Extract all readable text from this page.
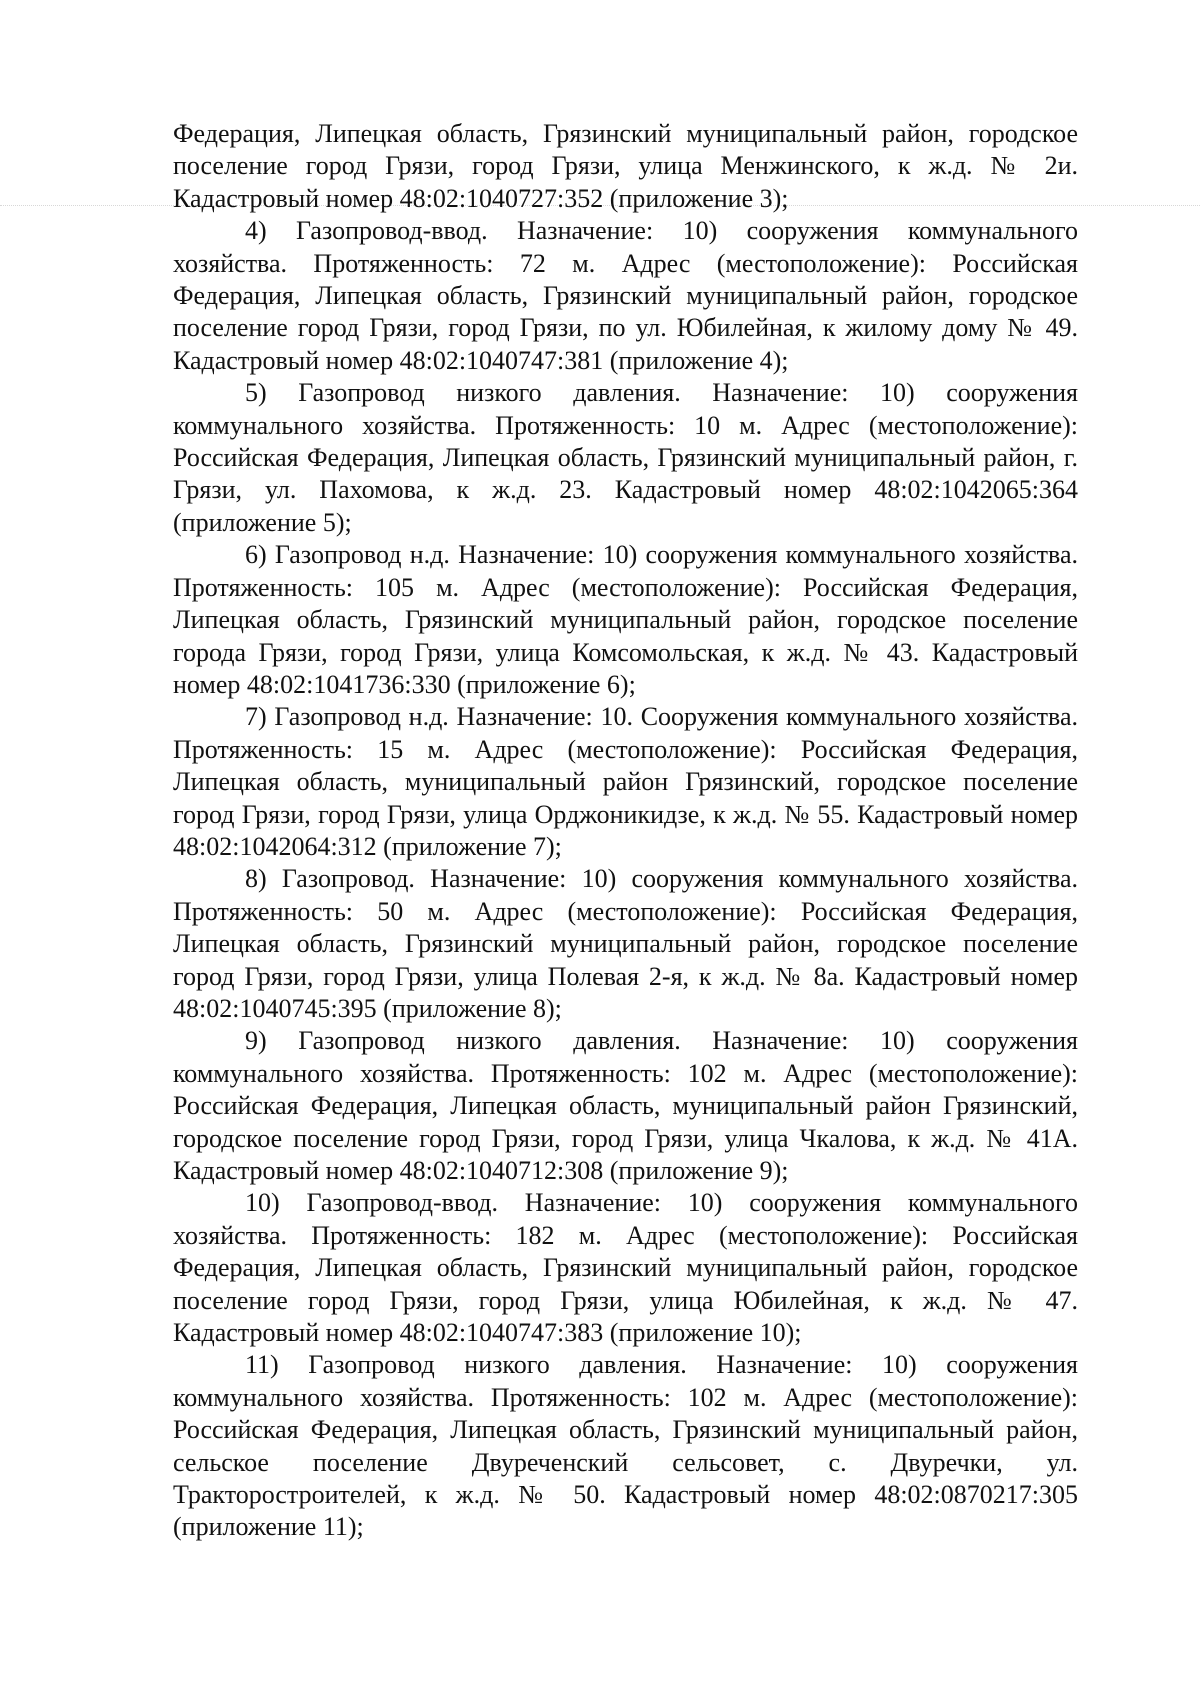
Федерация, Липецкая область, Грязинский муниципальный район, городское поселение город Грязи, город Грязи, улица Менжинского, к ж.д. № 2и. Кадастровый номер 48:02:1040727:352 (приложение 3);

4) Газопровод-ввод. Назначение: 10) сооружения коммунального хозяйства. Протяженность: 72 м. Адрес (местоположение): Российская Федерация, Липецкая область, Грязинский муниципальный район, городское поселение город Грязи, город Грязи, по ул. Юбилейная, к жилому дому № 49. Кадастровый номер 48:02:1040747:381 (приложение 4);

5) Газопровод низкого давления. Назначение: 10) сооружения коммунального хозяйства. Протяженность: 10 м. Адрес (местоположение): Российская Федерация, Липецкая область, Грязинский муниципальный район, г. Грязи, ул. Пахомова, к ж.д. 23. Кадастровый номер 48:02:1042065:364 (приложение 5);

6) Газопровод н.д. Назначение: 10) сооружения коммунального хозяйства. Протяженность: 105 м. Адрес (местоположение): Российская Федерация, Липецкая область, Грязинский муниципальный район, городское поселение города Грязи, город Грязи, улица Комсомольская, к ж.д. № 43. Кадастровый номер 48:02:1041736:330 (приложение 6);

7) Газопровод н.д. Назначение: 10. Сооружения коммунального хозяйства. Протяженность: 15 м. Адрес (местоположение): Российская Федерация, Липецкая область, муниципальный район Грязинский, городское поселение город Грязи, город Грязи, улица Орджоникидзе, к ж.д. № 55. Кадастровый номер 48:02:1042064:312 (приложение 7);

8) Газопровод. Назначение: 10) сооружения коммунального хозяйства. Протяженность: 50 м. Адрес (местоположение): Российская Федерация, Липецкая область, Грязинский муниципальный район, городское поселение город Грязи, город Грязи, улица Полевая 2-я, к ж.д. № 8а. Кадастровый номер 48:02:1040745:395 (приложение 8);

9) Газопровод низкого давления. Назначение: 10) сооружения коммунального хозяйства. Протяженность: 102 м. Адрес (местоположение): Российская Федерация, Липецкая область, муниципальный район Грязинский, городское поселение город Грязи, город Грязи, улица Чкалова, к ж.д. № 41А. Кадастровый номер 48:02:1040712:308 (приложение 9);

10) Газопровод-ввод. Назначение: 10) сооружения коммунального хозяйства. Протяженность: 182 м. Адрес (местоположение): Российская Федерация, Липецкая область, Грязинский муниципальный район, городское поселение город Грязи, город Грязи, улица Юбилейная, к ж.д. № 47. Кадастровый номер 48:02:1040747:383 (приложение 10);

11) Газопровод низкого давления. Назначение: 10) сооружения коммунального хозяйства. Протяженность: 102 м. Адрес (местоположение): Российская Федерация, Липецкая область, Грязинский муниципальный район, сельское поселение Двуреченский сельсовет, с. Двуречки, ул. Тракторостроителей, к ж.д. № 50. Кадастровый номер 48:02:0870217:305 (приложение 11);
